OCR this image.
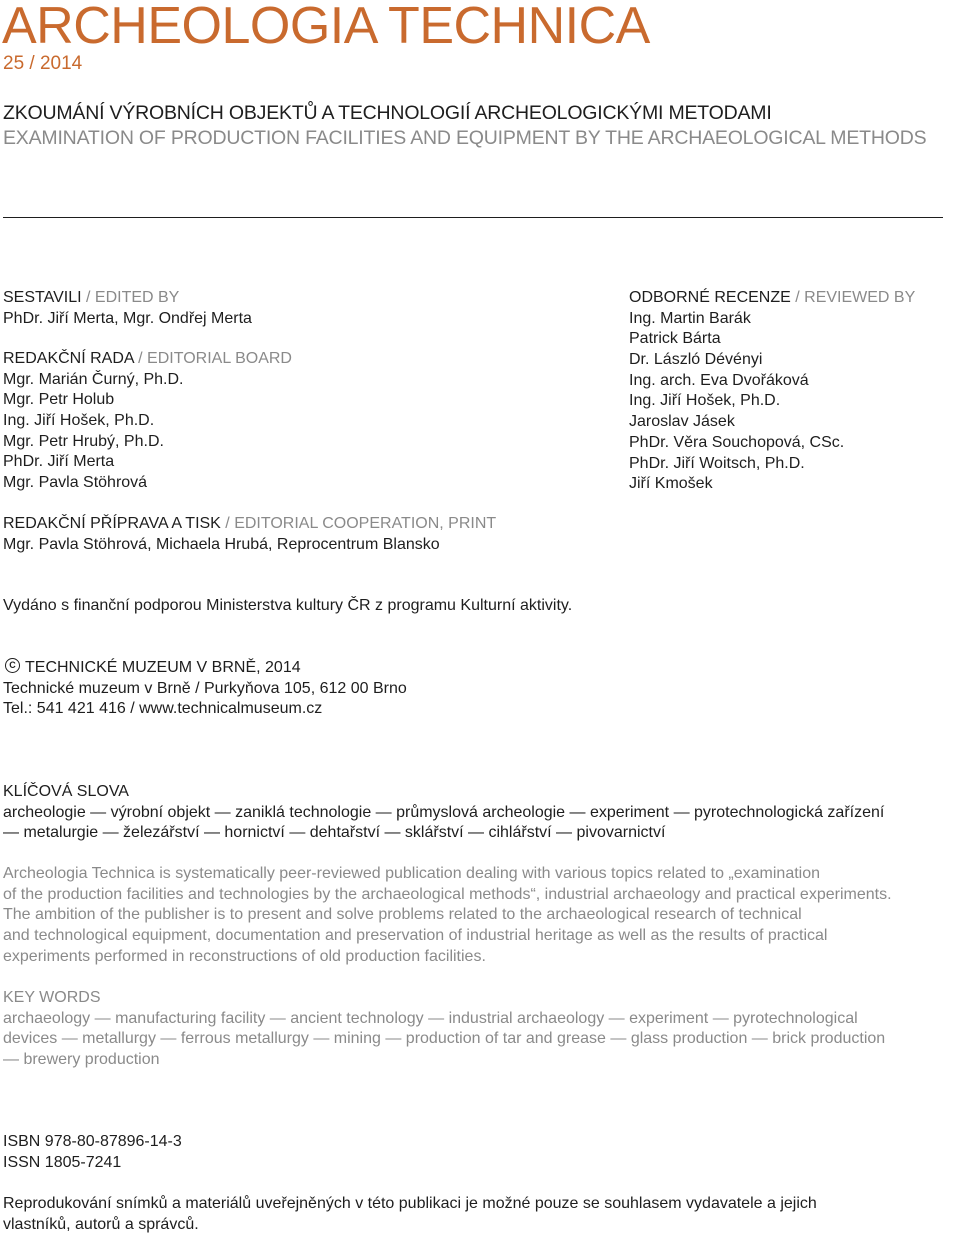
ARCHEOLOGIA TECHNICA
25 / 2014
ZKOUMÁNÍ VÝROBNÍCH OBJEKTŮ A TECHNOLOGIÍ ARCHEOLOGICKÝMI METODAMI
EXAMINATION OF PRODUCTION FACILITIES AND EQUIPMENT BY THE ARCHAEOLOGICAL METHODS
SESTAVILI / EDITED BY
PhDr. Jiří Merta, Mgr. Ondřej Merta
REDAKČNÍ RADA / EDITORIAL BOARD
Mgr. Marián Čurný, Ph.D.
Mgr. Petr Holub
Ing. Jiří Hošek, Ph.D.
Mgr. Petr Hrubý, Ph.D.
PhDr. Jiří Merta
Mgr. Pavla Stöhrová
ODBORNÉ RECENZE / REVIEWED BY
Ing. Martin Barák
Patrick Bárta
Dr. László Dévényi
Ing. arch. Eva Dvořáková
Ing. Jiří Hošek, Ph.D.
Jaroslav Jásek
PhDr. Věra Souchopová, CSc.
PhDr. Jiří Woitsch, Ph.D.
Jiří Kmošek
REDAKČNÍ PŘÍPRAVA A TISK / EDITORIAL COOPERATION, PRINT
Mgr. Pavla Stöhrová, Michaela Hrubá, Reprocentrum Blansko
Vydáno s finanční podporou Ministerstva kultury ČR z programu Kulturní aktivity.
CTECHNICKÉ MUZEUM V BRNĚ, 2014
Technické muzeum v Brně / Purkyňova 105, 612 00 Brno
Tel.: 541 421 416 / www.technicalmuseum.cz
KLÍČOVÁ SLOVA
archeologie — výrobní objekt — zaniklá technologie — průmyslová archeologie — experiment — pyrotechnologická zařízení
— metalurgie — železářství — hornictví — dehtařství — sklářství — cihlářství — pivovarnictví
Archeologia Technica is systematically peer-reviewed publication dealing with various topics related to „examination
of the production facilities and technologies by the archaeological methods“, industrial archaeology and practical experiments.
The ambition of the publisher is to present and solve problems related to the archaeological research of technical
and technological equipment, documentation and preservation of industrial heritage as well as the results of practical
experiments performed in reconstructions of old production facilities.
KEY WORDS
archaeology — manufacturing facility — ancient technology — industrial archaeology — experiment — pyrotechnological
devices — metallurgy — ferrous metallurgy — mining — production of tar and grease — glass production — brick production
— brewery production
ISBN 978-80-87896-14-3
ISSN 1805-7241
Reprodukování snímků a materiálů uveřejněných v této publikaci je možné pouze se souhlasem vydavatele a jejich
vlastníků, autorů a správců.
